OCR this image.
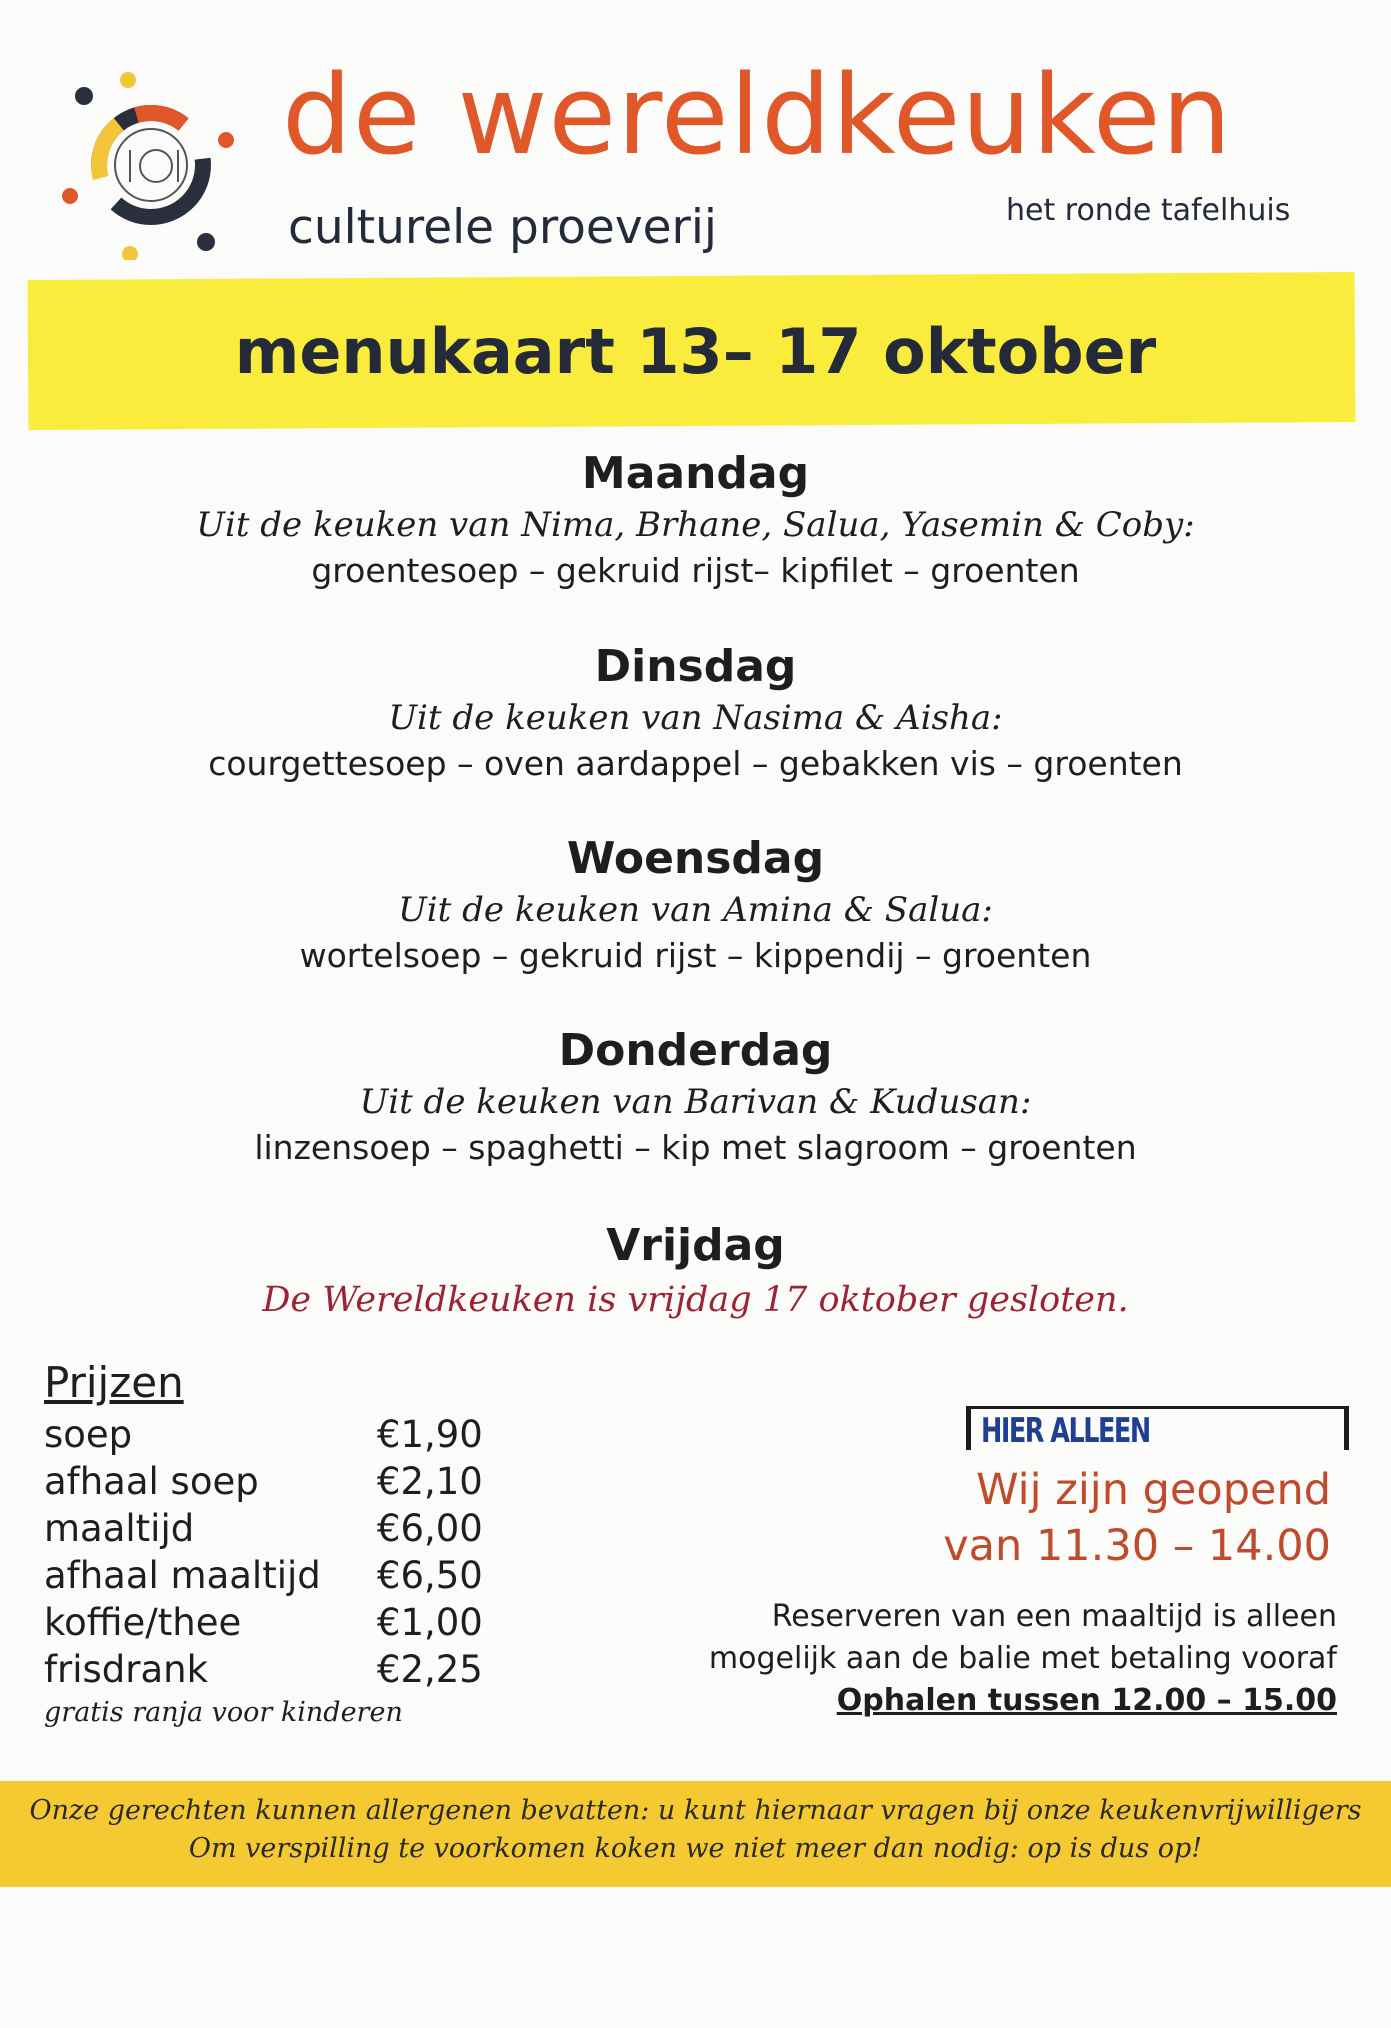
de wereldkeuken
culturele proeverij	het ronde tafelhuis
menukaart 13– 17 oktober
Maandag
Uit de keuken van Nima, Brhane, Salua, Yasemin & Coby:
groentesoep – gekruid rijst– kipfilet – groenten
Dinsdag
Uit de keuken van Nasima & Aisha:
courgettesoep – oven aardappel – gebakken vis – groenten
Woensdag
Uit de keuken van Amina & Salua:
wortelsoep – gekruid rijst – kippendij – groenten
Donderdag
Uit de keuken van Barivan & Kudusan:
linzensoep – spaghetti – kip met slagroom – groenten
Vrijdag
De Wereldkeuken is vrijdag 17 oktober gesloten.
Prijzen
soep	€1,90
afhaal soep	€2,10
maaltijd	€6,00
afhaal maaltijd	€6,50
koffie/thee	€1,00
frisdrank	€2,25
gratis ranja voor kinderen
HIER ALLEEN
Wij zijn geopend
van 11.30 – 14.00
Reserveren van een maaltijd is alleen
mogelijk aan de balie met betaling vooraf
Ophalen tussen 12.00 – 15.00
Onze gerechten kunnen allergenen bevatten: u kunt hiernaar vragen bij onze keukenvrijwilligers
Om verspilling te voorkomen koken we niet meer dan nodig: op is dus op!
